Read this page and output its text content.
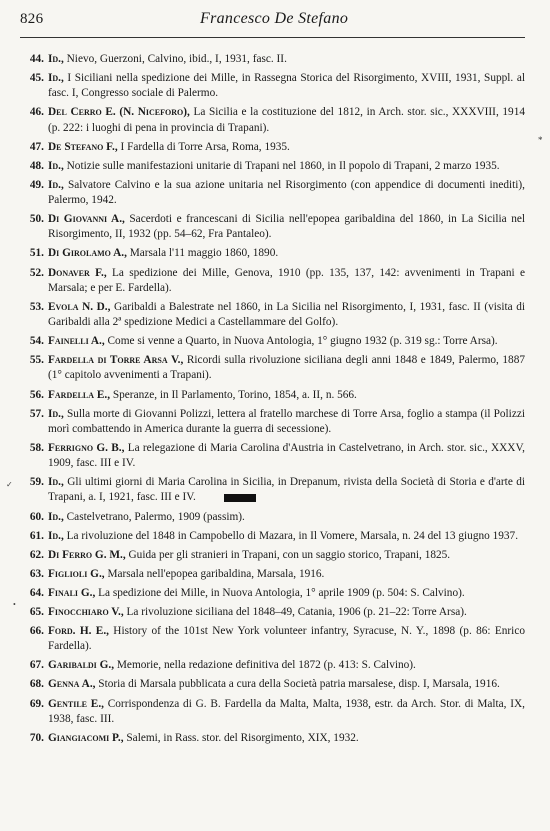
826	Francesco De Stefano
*
✓
•
44. Id., Nievo, Guerzoni, Calvino, ibid., I, 1931, fasc. II.
45. Id., I Siciliani nella spedizione dei Mille, in Rassegna Storica del Risorgimento, XVIII, 1931, Suppl. al fasc. I, Congresso sociale di Palermo.
46. Del Cerro E. (N. Niceforo), La Sicilia e la costituzione del 1812, in Arch. stor. sic., XXXVIII, 1914 (p. 222: i luoghi di pena in provincia di Trapani).
47. De Stefano F., I Fardella di Torre Arsa, Roma, 1935.
48. Id., Notizie sulle manifestazioni unitarie di Trapani nel 1860, in Il popolo di Trapani, 2 marzo 1935.
49. Id., Salvatore Calvino e la sua azione unitaria nel Risorgimento (con appendice di documenti inediti), Palermo, 1942.
50. Di Giovanni A., Sacerdoti e francescani di Sicilia nell'epopea garibaldina del 1860, in La Sicilia nel Risorgimento, II, 1932 (pp. 54–62, Fra Pantaleo).
51. Di Girolamo A., Marsala l'11 maggio 1860, 1890.
52. Donaver F., La spedizione dei Mille, Genova, 1910 (pp. 135, 137, 142: avvenimenti in Trapani e Marsala; e per E. Fardella).
53. Evola N. D., Garibaldi a Balestrate nel 1860, in La Sicilia nel Risorgimento, I, 1931, fasc. II (visita di Garibaldi alla 2ª spedizione Medici a Castellammare del Golfo).
54. Fainelli A., Come si venne a Quarto, in Nuova Antologia, 1° giugno 1932 (p. 319 sg.: Torre Arsa).
55. Fardella di Torre Arsa V., Ricordi sulla rivoluzione siciliana degli anni 1848 e 1849, Palermo, 1887 (1° capitolo avvenimenti a Trapani).
56. Fardella E., Speranze, in Il Parlamento, Torino, 1854, a. II, n. 566.
57. Id., Sulla morte di Giovanni Polizzi, lettera al fratello marchese di Torre Arsa, foglio a stampa (il Polizzi morì combattendo in America durante la guerra di secessione).
58. Ferrigno G. B., La relegazione di Maria Carolina d'Austria in Castelvetrano, in Arch. stor. sic., XXXV, 1909, fasc. III e IV.
59. Id., Gli ultimi giorni di Maria Carolina in Sicilia, in Drepanum, rivista della Società di Storia e d'arte di Trapani, a. I, 1921, fasc. III e IV.
60. Id., Castelvetrano, Palermo, 1909 (passim).
61. Id., La rivoluzione del 1848 in Campobello di Mazara, in Il Vomere, Marsala, n. 24 del 13 giugno 1937.
62. Di Ferro G. M., Guida per gli stranieri in Trapani, con un saggio storico, Trapani, 1825.
63. Figlioli G., Marsala nell'epopea garibaldina, Marsala, 1916.
64. Finali G., La spedizione dei Mille, in Nuova Antologia, 1° aprile 1909 (p. 504: S. Calvino).
65. Finocchiaro V., La rivoluzione siciliana del 1848–49, Catania, 1906 (p. 21–22: Torre Arsa).
66. Ford. H. E., History of the 101st New York volunteer infantry, Syracuse, N. Y., 1898 (p. 86: Enrico Fardella).
67. Garibaldi G., Memorie, nella redazione definitiva del 1872 (p. 413: S. Calvino).
68. Genna A., Storia di Marsala pubblicata a cura della Società patria marsalese, disp. I, Marsala, 1916.
69. Gentile E., Corrispondenza di G. B. Fardella da Malta, Malta, 1938, estr. da Arch. Stor. di Malta, IX, 1938, fasc. III.
70. Giangiacomi P., Salemi, in Rass. stor. del Risorgimento, XIX, 1932.
